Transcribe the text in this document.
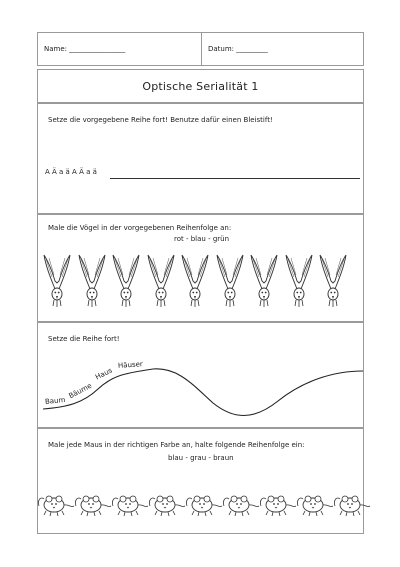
Name: ________________	Datum: _________
Optische Serialität 1
Setze die vorgegebene Reihe fort! Benutze dafür einen Bleistift!
A Ä a ä A Ä a ä
Male die Vögel in der vorgegebenen Reihenfolge an:
rot - blau - grün
Setze die Reihe fort!
Baum
Bäume
Haus
Häuser
Male jede Maus in der richtigen Farbe an, halte folgende Reihenfolge ein:
blau - grau - braun
